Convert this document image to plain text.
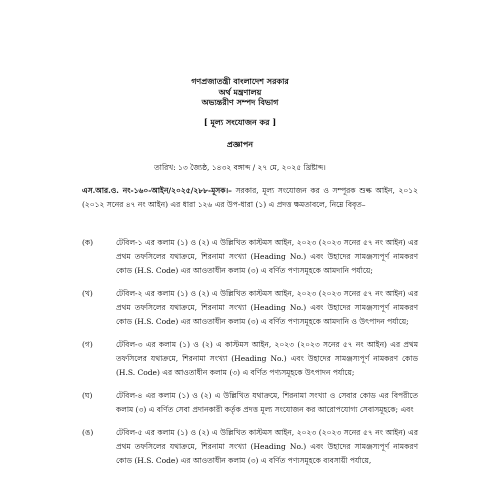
গণপ্রজাতন্ত্রী বাংলাদেশ সরকার
অর্থ মন্ত্রণালয়
অভ্যন্তরীণ সম্পদ বিভাগ
[ মূল্য সংযোজন কর ]
প্রজ্ঞাপন
তারিখ: ১৩ জ্যৈষ্ঠ, ১৪৩২ বঙ্গাব্দ / ২৭ মে, ২০২৫ খ্রিষ্টাব্দ।
এস.আর.ও. নং-১৬০-আইন/২০২৫/২৮৮-মূসক।– সরকার, মূল্য সংযোজন কর ও সম্পূরক শুল্ক আইন, ২০১২ (২০১২ সনের ৪৭ নং আইন) এর ধারা ১২৬ এর উপ-ধারা (১) এ প্রদত্ত ক্ষমতাবলে, নিম্নে বিবৃত–
(ক)	টেবিল-১ এর কলাম (১) ও (২) এ উল্লিখিত কাস্টমস আইন, ২০২৩ (২০২৩ সনের ৫৭ নং আইন) এর প্রথম তফসিলের যথাক্রমে, শিরনামা সংখ্যা (Heading No.) এবং উহাদের সামঞ্জস্যপূর্ণ নামকরণ কোড (H.S. Code) এর আওতাধীন কলাম (৩) এ বর্ণিত পণ্যসমূহকে আমদানি পর্যায়ে;
(খ)	টেবিল-২ এর কলাম (১) ও (২) এ উল্লিখিত কাস্টমস আইন, ২০২৩ (২০২৩ সনের ৫৭ নং আইন) এর প্রথম তফসিলের যথাক্রমে, শিরনামা সংখ্যা (Heading No.) এবং উহাদের সামঞ্জস্যপূর্ণ নামকরণ কোড (H.S. Code) এর আওতাধীন কলাম (৩) এ বর্ণিত পণ্যসমূহকে আমদানি ও উৎপাদন পর্যায়ে;
(গ)	টেবিল-৩ এর কলাম (১) ও (২) এ কাস্টমস আইন, ২০২৩ (২০২৩ সনের ৫৭ নং আইন) এর প্রথম তফসিলের যথাক্রমে, শিরনামা সংখ্যা (Heading No.) এবং উহাদের সামঞ্জস্যপূর্ণ নামকরণ কোড (H.S. Code) এর আওতাধীন কলাম (৩) এ বর্ণিত পণ্যসমূহকে উৎপাদন পর্যায়ে;
(ঘ)	টেবিল-৪ এর কলাম (১) ও (২) এ উল্লিখিত যথাক্রমে, শিরনামা সংখ্যা ও সেবার কোড এর বিপরীতে কলাম (৩) এ বর্ণিত সেবা প্রদানকারী কর্তৃক প্রদত্ত মূল্য সংযোজন কর আরোপযোগ্য সেবাসমূহকে; এবং
(ঙ)	টেবিল-৫ এর কলাম (১) ও (২) এ উল্লিখিত কাস্টমস আইন, ২০২৩ (২০২৩ সনের ৫৭ নং আইন) এর প্রথম তফসিলের যথাক্রমে, শিরনামা সংখ্যা (Heading No.) এবং উহাদের সামঞ্জস্যপূর্ণ নামকরণ কোড (H.S. Code) এর আওতাধীন কলাম (৩) এ বর্ণিত পণ্যসমূহকে ব্যবসায়ী পর্যায়ে,
